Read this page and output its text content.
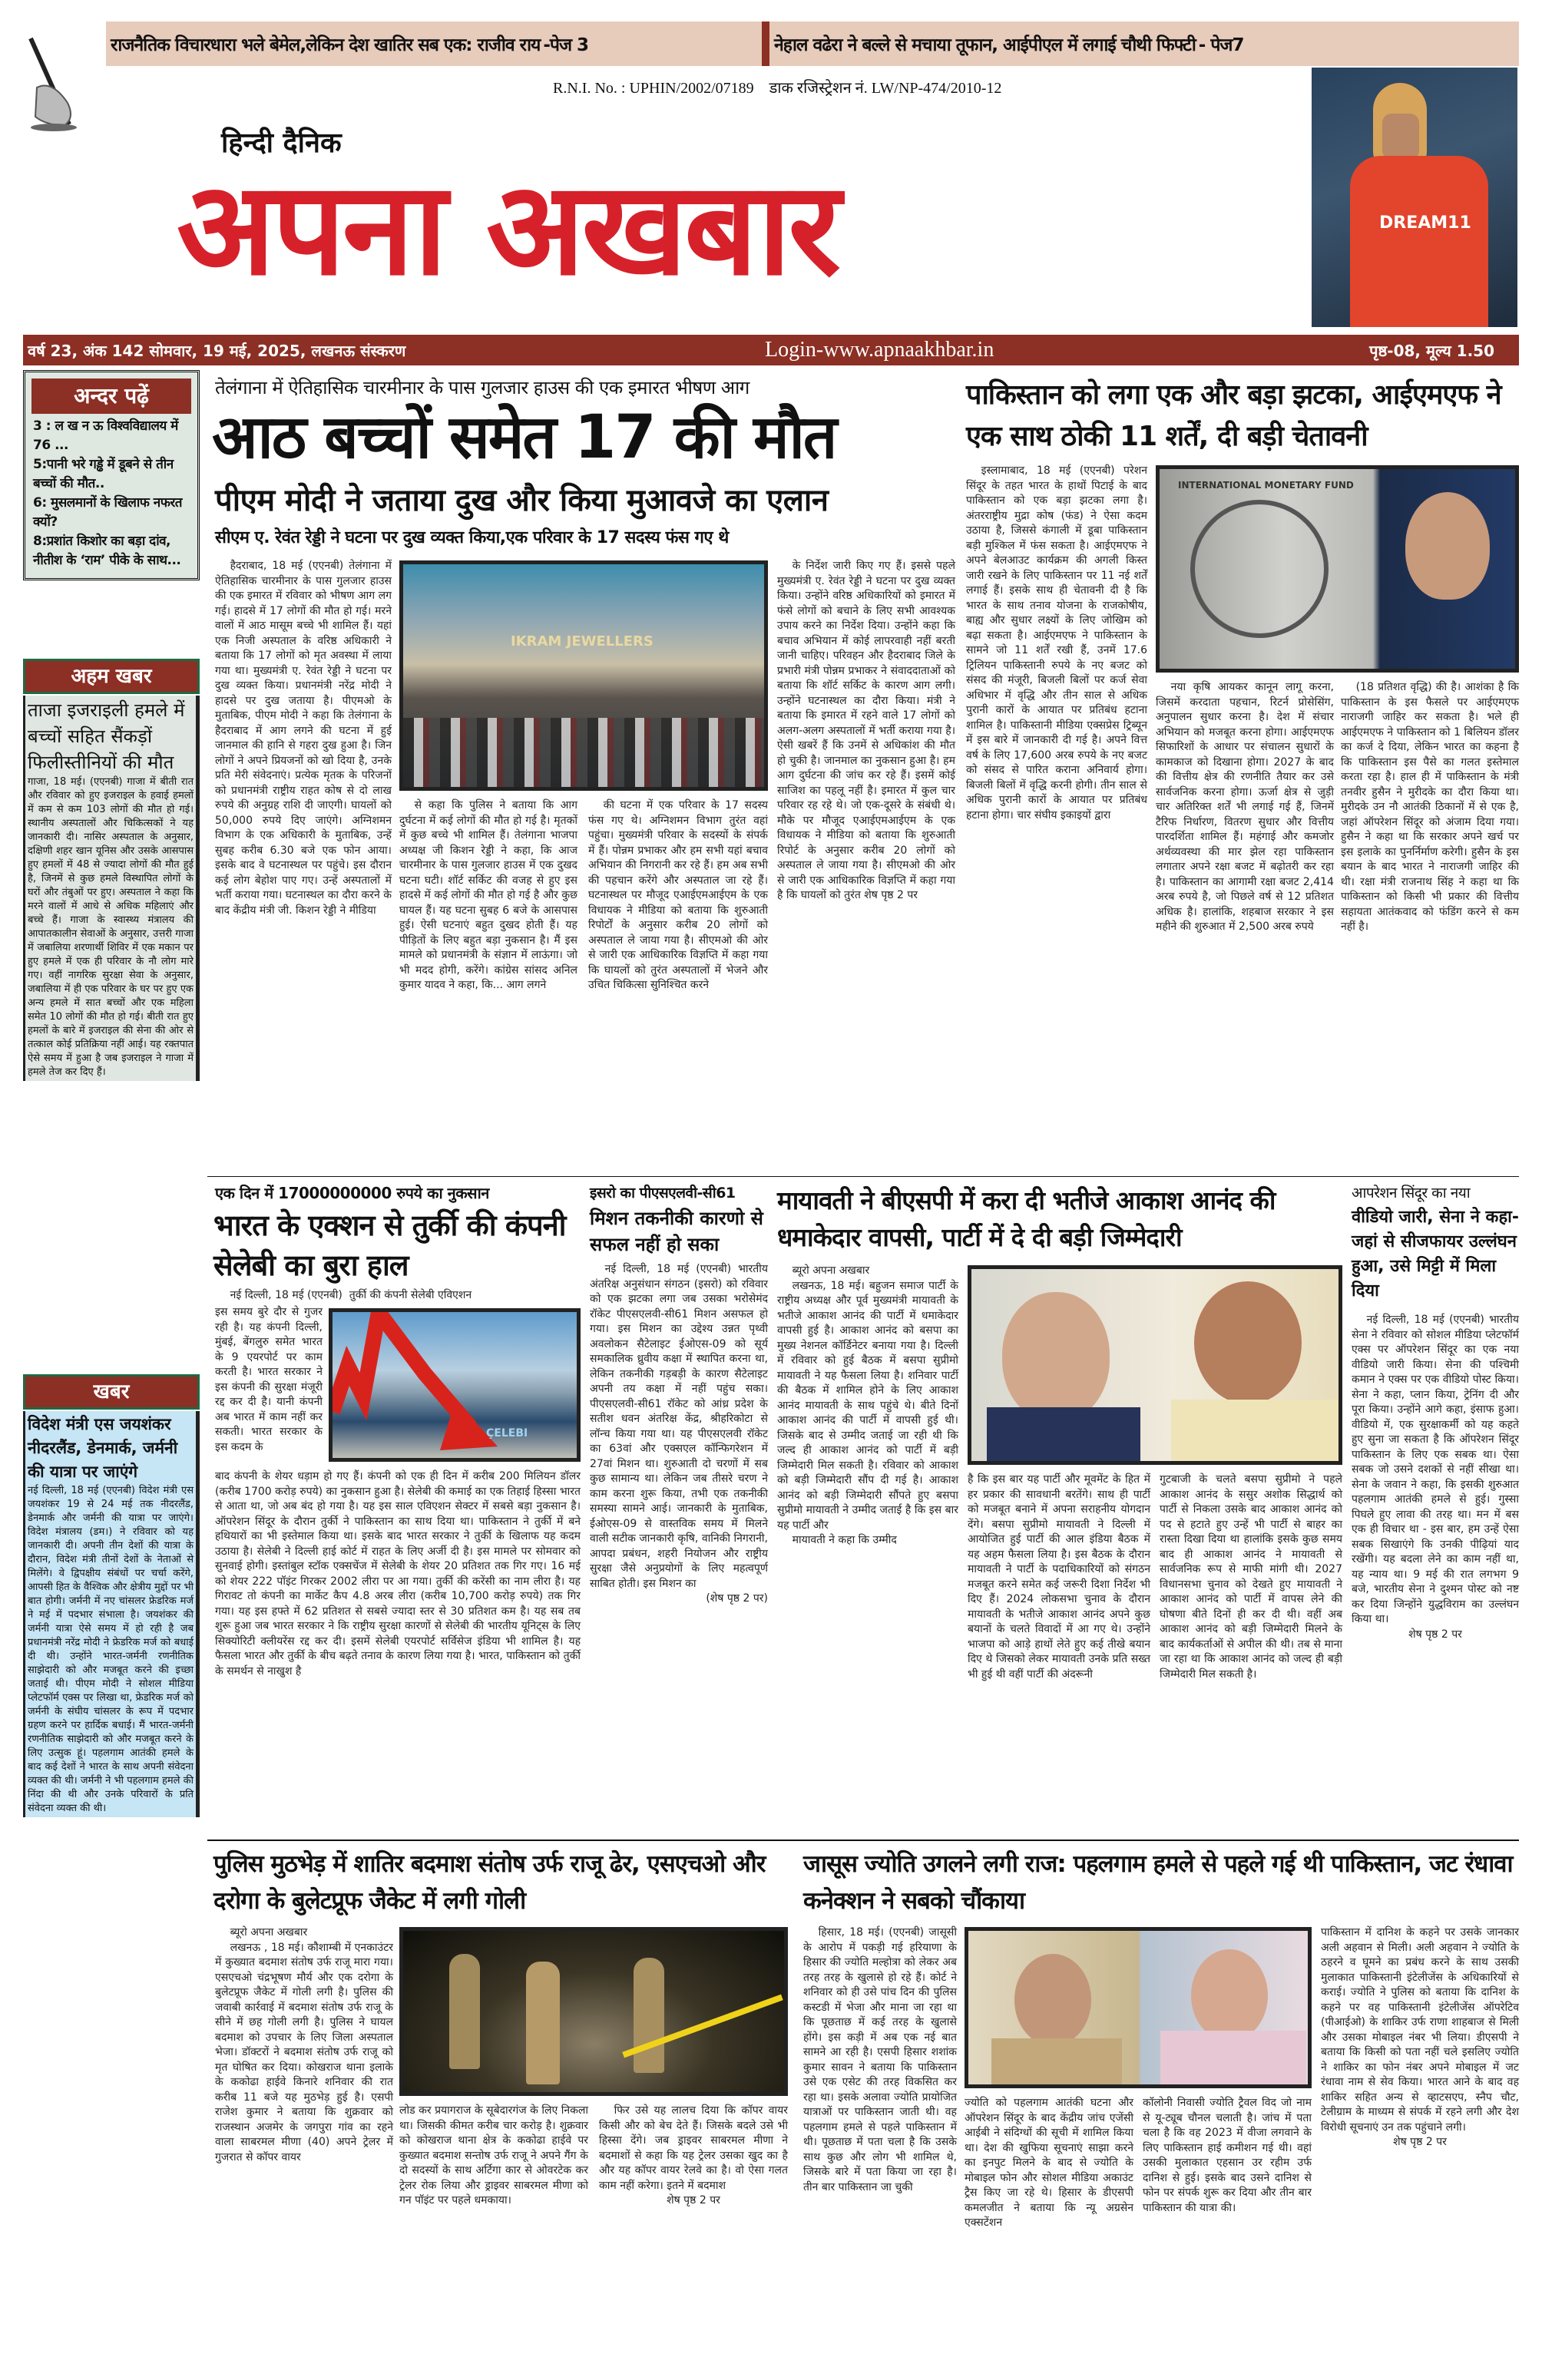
राजनैतिक विचारधारा भले बेमेल,लेकिन देश खातिर सब एक: राजीव राय -पेज 3	नेहाल वढेरा ने बल्ले से मचाया तूफान, आईपीएल में लगाई चौथी फिफ्टी - पेज7
R.N.I. No. : UPHIN/2002/07189 डाक रजिस्ट्रेशन नं. LW/NP-474/2010-12
हिन्दी दैनिक
अपना अखबार	DREAM11
वर्ष 23, अंक 142 सोमवार, 19 मई, 2025, लखनऊ संस्करण	Login-www.apnaakhbar.in	पृष्ठ-08, मूल्य 1.50
अन्दर पढ़ें
3 : ल ख न ऊ विश्वविद्यालय में 76 ...
5:पानी भरे गड्ढे में डूबने से तीन बच्चों की मौत..
6: मुसलमानों के खिलाफ नफरत क्यों?
8:प्रशांत किशोर का बड़ा दांव, नीतीश के ‘राम’ पीके के साथ...
अहम खबर
ताजा इजराइली हमले में बच्चों सहित सैंकड़ों फिलीस्तीनियों की मौत

गाजा, 18 मई। (एएनबी) गाजा में बीती रात और रविवार को हुए इजराइल के हवाई हमलों में कम से कम 103 लोगों की मौत हो गई। स्थानीय अस्पतालों और चिकित्सकों ने यह जानकारी दी। नासिर अस्पताल के अनुसार, दक्षिणी शहर खान यूनिस और उसके आसपास हुए हमलों में 48 से ज्यादा लोगों की मौत हुई है, जिनमें से कुछ हमले विस्थापित लोगों के घरों और तंबुओं पर हुए। अस्पताल ने कहा कि मरने वालों में आधे से अधिक महिलाएं और बच्चे हैं। गाजा के स्वास्थ्य मंत्रालय की आपातकालीन सेवाओं के अनुसार, उत्तरी गाजा में जबालिया शरणार्थी शिविर में एक मकान पर हुए हमले में एक ही परिवार के नौ लोग मारे गए। वहीं नागरिक सुरक्षा सेवा के अनुसार, जबालिया में ही एक परिवार के घर पर हुए एक अन्य हमले में सात बच्चों और एक महिला समेत 10 लोगों की मौत हो गई। बीती रात हुए हमलों के बारे में इजराइल की सेना की ओर से तत्काल कोई प्रतिक्रिया नहीं आई। यह रक्तपात ऐसे समय में हुआ है जब इजराइल ने गाजा में हमले तेज कर दिए हैं।

खबर
विदेश मंत्री एस जयशंकर नीदरलैंड, डेनमार्क, जर्मनी की यात्रा पर जाएंगे

नई दिल्ली, 18 मई (एएनबी) विदेश मंत्री एस जयशंकर 19 से 24 मई तक नीदरलैंड, डेनमार्क और जर्मनी की यात्रा पर जाएंगे। विदेश मंत्रालय (डम।) ने रविवार को यह जानकारी दी। अपनी तीन देशों की यात्रा के दौरान, विदेश मंत्री तीनों देशों के नेताओं से मिलेंगे। वे द्विपक्षीय संबंधों पर चर्चा करेंगे, आपसी हित के वैश्विक और क्षेत्रीय मुद्दों पर भी बात होगी। जर्मनी में नए चांसलर फ्रेडरिक मर्ज ने मई में पदभार संभाला है। जयशंकर की जर्मनी यात्रा ऐसे समय में हो रही है जब प्रधानमंत्री नरेंद्र मोदी ने फ्रेडरिक मर्ज को बधाई दी थी। उन्होंने भारत-जर्मनी रणनीतिक साझेदारी को और मजबूत करने की इच्छा जताई थी। पीएम मोदी ने सोशल मीडिया प्लेटफॉर्म एक्स पर लिखा था, फ्रेडरिक मर्ज को जर्मनी के संघीय चांसलर के रूप में पदभार ग्रहण करने पर हार्दिक बधाई। मैं भारत-जर्मनी रणनीतिक साझेदारी को और मजबूत करने के लिए उत्सुक हूं। पहलगाम आतंकी हमले के बाद कई देशों ने भारत के साथ अपनी संवेदना व्यक्त की थी। जर्मनी ने भी पहलगाम हमले की निंदा की थी और उनके परिवारों के प्रति संवेदना व्यक्त की थी।

तेलंगाना में ऐतिहासिक चारमीनार के पास गुलजार हाउस की एक इमारत भीषण आग
आठ बच्चों समेत 17 की मौत
पीएम मोदी ने जताया दुख और किया मुआवजे का एलान
सीएम ए. रेवंत रेड्डी ने घटना पर दुख व्यक्त किया,एक परिवार के 17 सदस्य फंस गए थे

हैदराबाद, 18 मई (एएनबी) तेलंगाना में ऐतिहासिक चारमीनार के पास गुलजार हाउस की एक इमारत में रविवार को भीषण आग लग गई। हादसे में 17 लोगों की मौत हो गई। मरने वालों में आठ मासूम बच्चे भी शामिल हैं। यहां एक निजी अस्पताल के वरिष्ठ अधिकारी ने बताया कि 17 लोगों को मृत अवस्था में लाया गया था। मुख्यमंत्री ए. रेवंत रेड्डी ने घटना पर दुख व्यक्त किया। प्रधानमंत्री नरेंद्र मोदी ने हादसे पर दुख जताया है। पीएमओ के मुताबिक, पीएम मोदी ने कहा कि तेलंगाना के हैदराबाद में आग लगने की घटना में हुई जानमाल की हानि से गहरा दुख हुआ है। जिन लोगों ने अपने प्रियजनों को खो दिया है, उनके प्रति मेरी संवेदनाएं। प्रत्येक मृतक के परिजनों को प्रधानमंत्री राष्ट्रीय राहत कोष से दो लाख रुपये की अनुग्रह राशि दी जाएगी। घायलों को 50,000 रुपये दिए जाएंगे। अग्निशमन विभाग के एक अधिकारी के मुताबिक, उन्हें सुबह करीब 6.30 बजे एक फोन आया। इसके बाद वे घटनास्थल पर पहुंचे। इस दौरान कई लोग बेहोश पाए गए। उन्हें अस्पतालों में भर्ती कराया गया। घटनास्थल का दौरा करने के बाद केंद्रीय मंत्री जी. किशन रेड्डी ने मीडिया

IKRAM JEWELLERS

से कहा कि पुलिस ने बताया कि आग दुर्घटना में कई लोगों की मौत हो गई है। मृतकों में कुछ बच्चे भी शामिल हैं। तेलंगाना भाजपा अध्यक्ष जी किशन रेड्डी ने कहा, कि आज चारमीनार के पास गुलजार हाउस में एक दुखद घटना घटी। शॉर्ट सर्किट की वजह से हुए इस हादसे में कई लोगों की मौत हो गई है और कुछ घायल हैं। यह घटना सुबह 6 बजे के आसपास हुई। ऐसी घटनाएं बहुत दुखद होती हैं। यह पीड़ितों के लिए बहुत बड़ा नुकसान है। मैं इस मामले को प्रधानमंत्री के संज्ञान में लाऊंगा। जो भी मदद होगी, करेंगे। कांग्रेस सांसद अनिल कुमार यादव ने कहा, कि... आग लगने

की घटना में एक परिवार के 17 सदस्य फंस गए थे। अग्निशमन विभाग तुरंत वहां पहुंचा। मुख्यमंत्री परिवार के सदस्यों के संपर्क में हैं। पोन्नम प्रभाकर और हम सभी यहां बचाव अभियान की निगरानी कर रहे हैं। हम अब सभी की पहचान करेंगे और अस्पताल जा रहे हैं। घटनास्थल पर मौजूद एआईएमआईएम के एक विधायक ने मीडिया को बताया कि शुरुआती रिपोर्टों के अनुसार करीब 20 लोगों को अस्पताल ले जाया गया है। सीएमओ की ओर से जारी एक आधिकारिक विज्ञप्ति में कहा गया कि घायलों को तुरंत अस्पतालों में भेजने और उचित चिकित्सा सुनिश्चित करने

के निर्देश जारी किए गए हैं। इससे पहले मुख्यमंत्री ए. रेवंत रेड्डी ने घटना पर दुख व्यक्त किया। उन्होंने वरिष्ठ अधिकारियों को इमारत में फंसे लोगों को बचाने के लिए सभी आवश्यक उपाय करने का निर्देश दिया। उन्होंने कहा कि बचाव अभियान में कोई लापरवाही नहीं बरती जानी चाहिए। परिवहन और हैदराबाद जिले के प्रभारी मंत्री पोन्नम प्रभाकर ने संवाददाताओं को बताया कि शॉर्ट सर्किट के कारण आग लगी। उन्होंने घटनास्थल का दौरा किया। मंत्री ने बताया कि इमारत में रहने वाले 17 लोगों को अलग-अलग अस्पतालों में भर्ती कराया गया है। ऐसी खबरें हैं कि उनमें से अधिकांश की मौत हो चुकी है। जानमाल का नुकसान हुआ है। हम आग दुर्घटना की जांच कर रहे हैं। इसमें कोई साजिश का पहलू नहीं है। इमारत में कुल चार परिवार रह रहे थे। जो एक-दूसरे के संबंधी थे। मौके पर मौजूद एआईएमआईएम के एक विधायक ने मीडिया को बताया कि शुरुआती रिपोर्ट के अनुसार करीब 20 लोगों को अस्पताल ले जाया गया है। सीएमओ की ओर से जारी एक आधिकारिक विज्ञप्ति में कहा गया है कि घायलों को तुरंत शेष पृष्ठ 2 पर

पाकिस्तान को लगा एक और बड़ा झटका, आईएमएफ ने एक साथ ठोकी 11 शर्तें, दी बड़ी चेतावनी

इस्लामाबाद, 18 मई (एएनबी) परेशन सिंदूर के तहत भारत के हाथों पिटाई के बाद पाकिस्तान को एक बड़ा झटका लगा है। अंतरराष्ट्रीय मुद्रा कोष (फंड) ने ऐसा कदम उठाया है, जिससे कंगाली में डूबा पाकिस्तान बड़ी मुश्किल में फंस सकता है। आईएमएफ ने अपने बेलआउट कार्यक्रम की अगली किस्त जारी रखने के लिए पाकिस्तान पर 11 नई शर्तें लगाई हैं। इसके साथ ही चेतावनी दी है कि भारत के साथ तनाव योजना के राजकोषीय, बाह्य और सुधार लक्ष्यों के लिए जोखिम को बढ़ा सकता है। आईएमएफ ने पाकिस्तान के सामने जो 11 शर्तें रखी हैं, उनमें 17.6 ट्रिलियन पाकिस्तानी रुपये के नए बजट को संसद की मंजूरी, बिजली बिलों पर कर्ज सेवा अधिभार में वृद्धि और तीन साल से अधिक पुरानी कारों के आयात पर प्रतिबंध हटाना शामिल है। पाकिस्तानी मीडिया एक्सप्रेस ट्रिब्यून में इस बारे में जानकारी दी गई है। अपने वित्त वर्ष के लिए 17,600 अरब रुपये के नए बजट को संसद से पारित कराना अनिवार्य होगा। बिजली बिलों में वृद्धि करनी होगी। तीन साल से अधिक पुरानी कारों के आयात पर प्रतिबंध हटाना होगा। चार संघीय इकाइयों द्वारा

INTERNATIONAL MONETARY FUND

नया कृषि आयकर कानून लागू करना, जिसमें करदाता पहचान, रिटर्न प्रोसेसिंग, अनुपालन सुधार करना है। देश में संचार अभियान को मजबूत करना होगा। आईएमएफ सिफारिशों के आधार पर संचालन सुधारों के कामकाज को दिखाना होगा। 2027 के बाद की वित्तीय क्षेत्र की रणनीति तैयार कर उसे सार्वजनिक करना होगा। ऊर्जा क्षेत्र से जुड़ी चार अतिरिक्त शर्तें भी लगाई गई हैं, जिनमें टैरिफ निर्धारण, वितरण सुधार और वित्तीय पारदर्शिता शामिल हैं। महंगाई और कमजोर अर्थव्यवस्था की मार झेल रहा पाकिस्तान लगातार अपने रक्षा बजट में बढ़ोतरी कर रहा है। पाकिस्तान का आगामी रक्षा बजट 2,414 अरब रुपये है, जो पिछले वर्ष से 12 प्रतिशत अधिक है। हालांकि, शहबाज सरकार ने इस महीने की शुरुआत में 2,500 अरब रुपये

(18 प्रतिशत वृद्धि) की है। आशंका है कि पाकिस्तान के इस फैसले पर आईएमएफ नाराजगी जाहिर कर सकता है। भले ही आईएमएफ ने पाकिस्तान को 1 बिलियन डॉलर का कर्ज दे दिया, लेकिन भारत का कहना है कि पाकिस्तान इस पैसे का गलत इस्तेमाल करता रहा है। हाल ही में पाकिस्तान के मंत्री तनवीर हुसैन ने मुरीदके का दौरा किया था। मुरीदके उन नौ आतंकी ठिकानों में से एक है, जहां ऑपरेशन सिंदूर को अंजाम दिया गया। हुसैन ने कहा था कि सरकार अपने खर्च पर इस इलाके का पुनर्निर्माण करेगी। हुसैन के इस बयान के बाद भारत ने नाराजगी जाहिर की थी। रक्षा मंत्री राजनाथ सिंह ने कहा था कि पाकिस्तान को किसी भी प्रकार की वित्तीय सहायता आतंकवाद को फंडिंग करने से कम नहीं है।

एक दिन में 17000000000 रुपये का नुकसान
भारत के एक्शन से तुर्की की कंपनी सेलेबी का बुरा हाल
नई दिल्ली, 18 मई (एएनबी) तुर्की की कंपनी सेलेबी एविएशन

इस समय बुरे दौर से गुजर रही है। यह कंपनी दिल्ली, मुंबई, बेंगलुरु समेत भारत के 9 एयरपोर्ट पर काम करती है। भारत सरकार ने इस कंपनी की सुरक्षा मंजूरी रद्द कर दी है। यानी कंपनी अब भारत में काम नहीं कर सकती। भारत सरकार के इस कदम के

ÇELEBI

बाद कंपनी के शेयर धड़ाम हो गए हैं। कंपनी को एक ही दिन में करीब 200 मिलियन डॉलर (करीब 1700 करोड़ रुपये) का नुकसान हुआ है। सेलेबी की कमाई का एक तिहाई हिस्सा भारत से आता था, जो अब बंद हो गया है। यह इस साल एविएशन सेक्टर में सबसे बड़ा नुकसान है। ऑपरेशन सिंदूर के दौरान तुर्की ने पाकिस्तान का साथ दिया था। पाकिस्तान ने तुर्की में बने हथियारों का भी इस्तेमाल किया था। इसके बाद भारत सरकार ने तुर्की के खिलाफ यह कदम उठाया है। सेलेबी ने दिल्ली हाई कोर्ट में राहत के लिए अर्जी दी है। इस मामले पर सोमवार को सुनवाई होगी। इस्तांबुल स्टॉक एक्सचेंज में सेलेबी के शेयर 20 प्रतिशत तक गिर गए। 16 मई को शेयर 222 पॉइंट गिरकर 2002 लीरा पर आ गया। तुर्की की करेंसी का नाम लीरा है। यह गिरावट तो कंपनी का मार्केट कैप 4.8 अरब लीरा (करीब 10,700 करोड़ रुपये) तक गिर गया। यह इस हफ्ते में 62 प्रतिशत से सबसे ज्यादा स्तर से 30 प्रतिशत कम है। यह सब तब शुरू हुआ जब भारत सरकार ने कि राष्ट्रीय सुरक्षा कारणों से सेलेबी की भारतीय यूनिट्स के लिए सिक्योरिटी क्लीयरेंस रद्द कर दी। इसमें सेलेबी एयरपोर्ट सर्विसेज इंडिया भी शामिल है। यह फैसला भारत और तुर्की के बीच बढ़ते तनाव के कारण लिया गया है। भारत, पाकिस्तान को तुर्की के समर्थन से नाखुश है

इसरो का पीएसएलवी-सी61
मिशन तकनीकी कारणो से सफल नहीं हो सका

नई दिल्ली, 18 मई (एएनबी) भारतीय अंतरिक्ष अनुसंधान संगठन (इसरो) को रविवार को एक झटका लगा जब उसका भरोसेमंद रॉकेट पीएसएलवी-सी61 मिशन असफल हो गया। इस मिशन का उद्देश्य उन्नत पृथ्वी अवलोकन सैटेलाइट ईओएस-09 को सूर्य समकालिक ध्रुवीय कक्षा में स्थापित करना था, लेकिन तकनीकी गड़बड़ी के कारण सैटेलाइट अपनी तय कक्षा में नहीं पहुंच सका। पीएसएलवी-सी61 रॉकेट को आंध्र प्रदेश के सतीश धवन अंतरिक्ष केंद्र, श्रीहरिकोटा से लॉन्च किया गया था। यह पीएसएलवी रॉकेट का 63वां और एक्सएल कॉन्फिगरेशन में 27वां मिशन था। शुरुआती दो चरणों में सब कुछ सामान्य था। लेकिन जब तीसरे चरण ने काम करना शुरू किया, तभी एक तकनीकी समस्या सामने आई। जानकारी के मुताबिक, ईओएस-09 से वास्तविक समय में मिलने वाली सटीक जानकारी कृषि, वानिकी निगरानी, आपदा प्रबंधन, शहरी नियोजन और राष्ट्रीय सुरक्षा जैसे अनुप्रयोगों के लिए महत्वपूर्ण साबित होती। इस मिशन का

(शेष पृष्ठ 2 पर)

मायावती ने बीएसपी में करा दी भतीजे आकाश आनंद की धमाकेदार वापसी, पार्टी में दे दी बड़ी जिम्मेदारी

ब्यूरो अपना अखबार

लखनऊ, 18 मई। बहुजन समाज पार्टी के राष्ट्रीय अध्यक्ष और पूर्व मुख्यमंत्री मायावती के भतीजे आकाश आनंद की पार्टी में धमाकेदार वापसी हुई है। आकाश आनंद को बसपा का मुख्य नेशनल कॉर्डिनेटर बनाया गया है। दिल्ली में रविवार को हुई बैठक में बसपा सुप्रीमो मायावती ने यह फैसला लिया है। शनिवार पार्टी की बैठक में शामिल होने के लिए आकाश आनंद मायावती के साथ पहुंचे थे। बीते दिनों आकाश आनंद की पार्टी में वापसी हुई थी। जिसके बाद से उम्मीद जताई जा रही थी कि जल्द ही आकाश आनंद को पार्टी में बड़ी जिम्मेदारी मिल सकती है। रविवार को आकाश को बड़ी जिम्मेदारी सौंप दी गई है। आकाश आनंद को बड़ी जिम्मेदारी सौंपते हुए बसपा सुप्रीमो मायावती ने उम्मीद जताई है कि इस बार यह पार्टी और

मायावती ने कहा कि उम्मीद

है कि इस बार यह पार्टी और मूवमेंट के हित में हर प्रकार की सावधानी बरतेंगे। साथ ही पार्टी को मजबूत बनाने में अपना सराहनीय योगदान देंगे। बसपा सुप्रीमो मायावती ने दिल्ली में आयोजित हुई पार्टी की आल इंडिया बैठक में यह अहम फैसला लिया है। इस बैठक के दौरान मायावती ने पार्टी के पदाधिकारियों को संगठन मजबूत करने समेत कई जरूरी दिशा निर्देश भी दिए हैं। 2024 लोकसभा चुनाव के दौरान मायावती के भतीजे आकाश आनंद अपने कुछ बयानों के चलते विवादों में आ गए थे। उन्होंने भाजपा को आड़े हाथों लेते हुए कई तीखे बयान दिए थे जिसको लेकर मायावती उनके प्रति सख्त भी हुई थी वहीं पार्टी की अंदरूनी

गुटबाजी के चलते बसपा सुप्रीमो ने पहले आकाश आनंद के ससुर अशोक सिद्धार्थ को पार्टी से निकला उसके बाद आकाश आनंद को पद से हटाते हुए उन्हें भी पार्टी से बाहर का रास्ता दिखा दिया था हालांकि इसके कुछ समय बाद ही आकाश आनंद ने मायावती से सार्वजनिक रूप से माफी मांगी थी। 2027 विधानसभा चुनाव को देखते हुए मायावती ने आकाश आनंद को पार्टी में वापस लेने की घोषणा बीते दिनों ही कर दी थी। वहीं अब आकाश आनंद को बड़ी जिम्मेदारी मिलने के बाद कार्यकर्ताओं से अपील की थी। तब से माना जा रहा था कि आकाश आनंद को जल्द ही बड़ी जिम्मेदारी मिल सकती है।

आपरेशन सिंदूर का नया
वीडियो जारी, सेना ने कहा- जहां से सीजफायर उल्लंघन हुआ, उसे मिट्टी में मिला दिया

नई दिल्ली, 18 मई (एएनबी) भारतीय सेना ने रविवार को सोशल मीडिया प्लेटफॉर्म एक्स पर ऑपरेशन सिंदूर का एक नया वीडियो जारी किया। सेना की पश्चिमी कमान ने एक्स पर एक वीडियो पोस्ट किया। सेना ने कहा, प्लान किया, ट्रेनिंग दी और पूरा किया। उन्होंने आगे कहा, इंसाफ हुआ। वीडियो में, एक सुरक्षाकर्मी को यह कहते हुए सुना जा सकता है कि ऑपरेशन सिंदूर पाकिस्तान के लिए एक सबक था। ऐसा सबक जो उसने दशकों से नहीं सीखा था। सेना के जवान ने कहा, कि इसकी शुरुआत पहलगाम आतंकी हमले से हुई। गुस्सा पिघले हुए लावा की तरह था। मन में बस एक ही विचार था - इस बार, हम उन्हें ऐसा सबक सिखाएंगे कि उनकी पीढ़ियां याद रखेंगी। यह बदला लेने का काम नहीं था, यह न्याय था। 9 मई की रात लगभग 9 बजे, भारतीय सेना ने दुश्मन पोस्ट को नष्ट कर दिया जिन्होंने युद्धविराम का उल्लंघन किया था।

शेष पृष्ठ 2 पर

पुलिस मुठभेड़ में शातिर बदमाश संतोष उर्फ राजू ढेर, एसएचओ और दरोगा के बुलेटप्रूफ जैकेट में लगी गोली

ब्यूरो अपना अखबार

लखनऊ , 18 मई। कौशाम्बी में एनकाउंटर में कुख्यात बदमाश संतोष उर्फ राजू मारा गया। एसएचओ चंद्रभूषण मौर्य और एक दरोगा के बुलेटप्रूफ जैकेट में गोली लगी है। पुलिस की जवाबी कार्रवाई में बदमाश संतोष उर्फ राजू के सीने में छह गोली लगी है। पुलिस ने घायल बदमाश को उपचार के लिए जिला अस्पताल भेजा। डॉक्टरों ने बदमाश संतोष उर्फ राजू को मृत घोषित कर दिया। कोखराज थाना इलाके के ककोढा हाईवे किनारे शनिवार की रात करीब 11 बजे यह मुठभेड़ हुई है। एसपी राजेश कुमार ने बताया कि शुक्रवार को राजस्थान अजमेर के जगपुरा गांव का रहने वाला साबरमल मीणा (40) अपने ट्रेलर में गुजरात से कॉपर वायर

लोड कर प्रयागराज के सूबेदारगंज के लिए निकला था। जिसकी कीमत करीब चार करोड़ है। शुक्रवार को कोखराज थाना क्षेत्र के ककोढा हाईवे पर कुख्यात बदमाश सन्तोष उर्फ राजू ने अपने गैंग के दो सदस्यों के साथ अर्टिगा कार से ओवरटेक कर ट्रेलर रोक लिया और ड्राइवर साबरमल मीणा को गन पॉइंट पर पहले धमकाया।

फिर उसे यह लालच दिया कि कॉपर वायर किसी और को बेच देते हैं। जिसके बदले उसे भी हिस्सा देंगे। जब ड्राइवर साबरमल मीणा ने बदमाशों से कहा कि यह ट्रेलर उसका खुद का है और यह कॉपर वायर रेलवे का है। वो ऐसा गलत काम नहीं करेगा। इतने में बदमाश

शेष पृष्ठ 2 पर

जासूस ज्योति उगलने लगी राज: पहलगाम हमले से पहले गई थी पाकिस्तान, जट रंधावा कनेक्शन ने सबको चौंकाया

हिसार, 18 मई। (एएनबी) जासूसी के आरोप में पकड़ी गई हरियाणा के हिसार की ज्योति मल्होत्रा को लेकर अब तरह तरह के खुलासे हो रहे हैं। कोर्ट ने शनिवार को ही उसे पांच दिन की पुलिस कस्टडी में भेजा और माना जा रहा था कि पूछताछ में कई तरह के खुलासे होंगे। इस कड़ी में अब एक नई बात सामने आ रही है। एसपी हिसार शशांक कुमार सावन ने बताया कि पाकिस्तान उसे एक एसेट की तरह विकसित कर रहा था। इसके अलावा ज्योति प्रायोजित यात्राओं पर पाकिस्तान जाती थी। वह पहलगाम हमले से पहले पाकिस्तान में थी। पूछताछ में पता चला है कि उसके साथ कुछ और लोग भी शामिल थे, जिसके बारे में पता किया जा रहा है। तीन बार पाकिस्तान जा चुकी

ज्योति को पहलगाम आतंकी घटना और ऑपरेशन सिंदूर के बाद केंद्रीय जांच एजेंसी आईबी ने संदिग्धों की सूची में शामिल किया था। देश की खुफिया सूचनाएं साझा करने का इनपुट मिलने के बाद से ज्योति के मोबाइल फोन और सोशल मीडिया अकाउंट ट्रैस किए जा रहे थे। हिसार के डीएसपी कमलजीत ने बताया कि न्यू अग्रसेन एक्सटेंशन

कॉलोनी निवासी ज्योति ट्रैवल विद जो नाम से यू-ट्यूब चौनल चलाती है। जांच में पता चला है कि वह 2023 में वीजा लगवाने के लिए पाकिस्तान हाई कमीशन गई थी। वहां उसकी मुलाकात एहसान उर रहीम उर्फ दानिश से हुई। इसके बाद उसने दानिश से फोन पर संपर्क शुरू कर दिया और तीन बार पाकिस्तान की यात्रा की।

पाकिस्तान में दानिश के कहने पर उसके जानकार अली अहवान से मिली। अली अहवान ने ज्योति के ठहरने व घूमने का प्रबंध करने के साथ उसकी मुलाकात पाकिस्तानी इंटेलीजेंस के अधिकारियों से कराई। ज्योति ने पुलिस को बताया कि दानिश के कहने पर वह पाकिस्तानी इंटेलीजेंस ऑपरेटिव (पीआईओ) के शाकिर उर्फ राणा शाहबाज से मिली और उसका मोबाइल नंबर भी लिया। डीएसपी ने बताया कि किसी को पता नहीं चले इसलिए ज्योति ने शाकिर का फोन नंबर अपने मोबाइल में जट रंधावा नाम से सेव किया। भारत आने के बाद वह शाकिर सहित अन्य से व्हाटसएप, स्नैप चौट, टेलीग्राम के माध्यम से संपर्क में रहने लगी और देश विरोधी सूचनाएं उन तक पहुंचाने लगी।

शेष पृष्ठ 2 पर
